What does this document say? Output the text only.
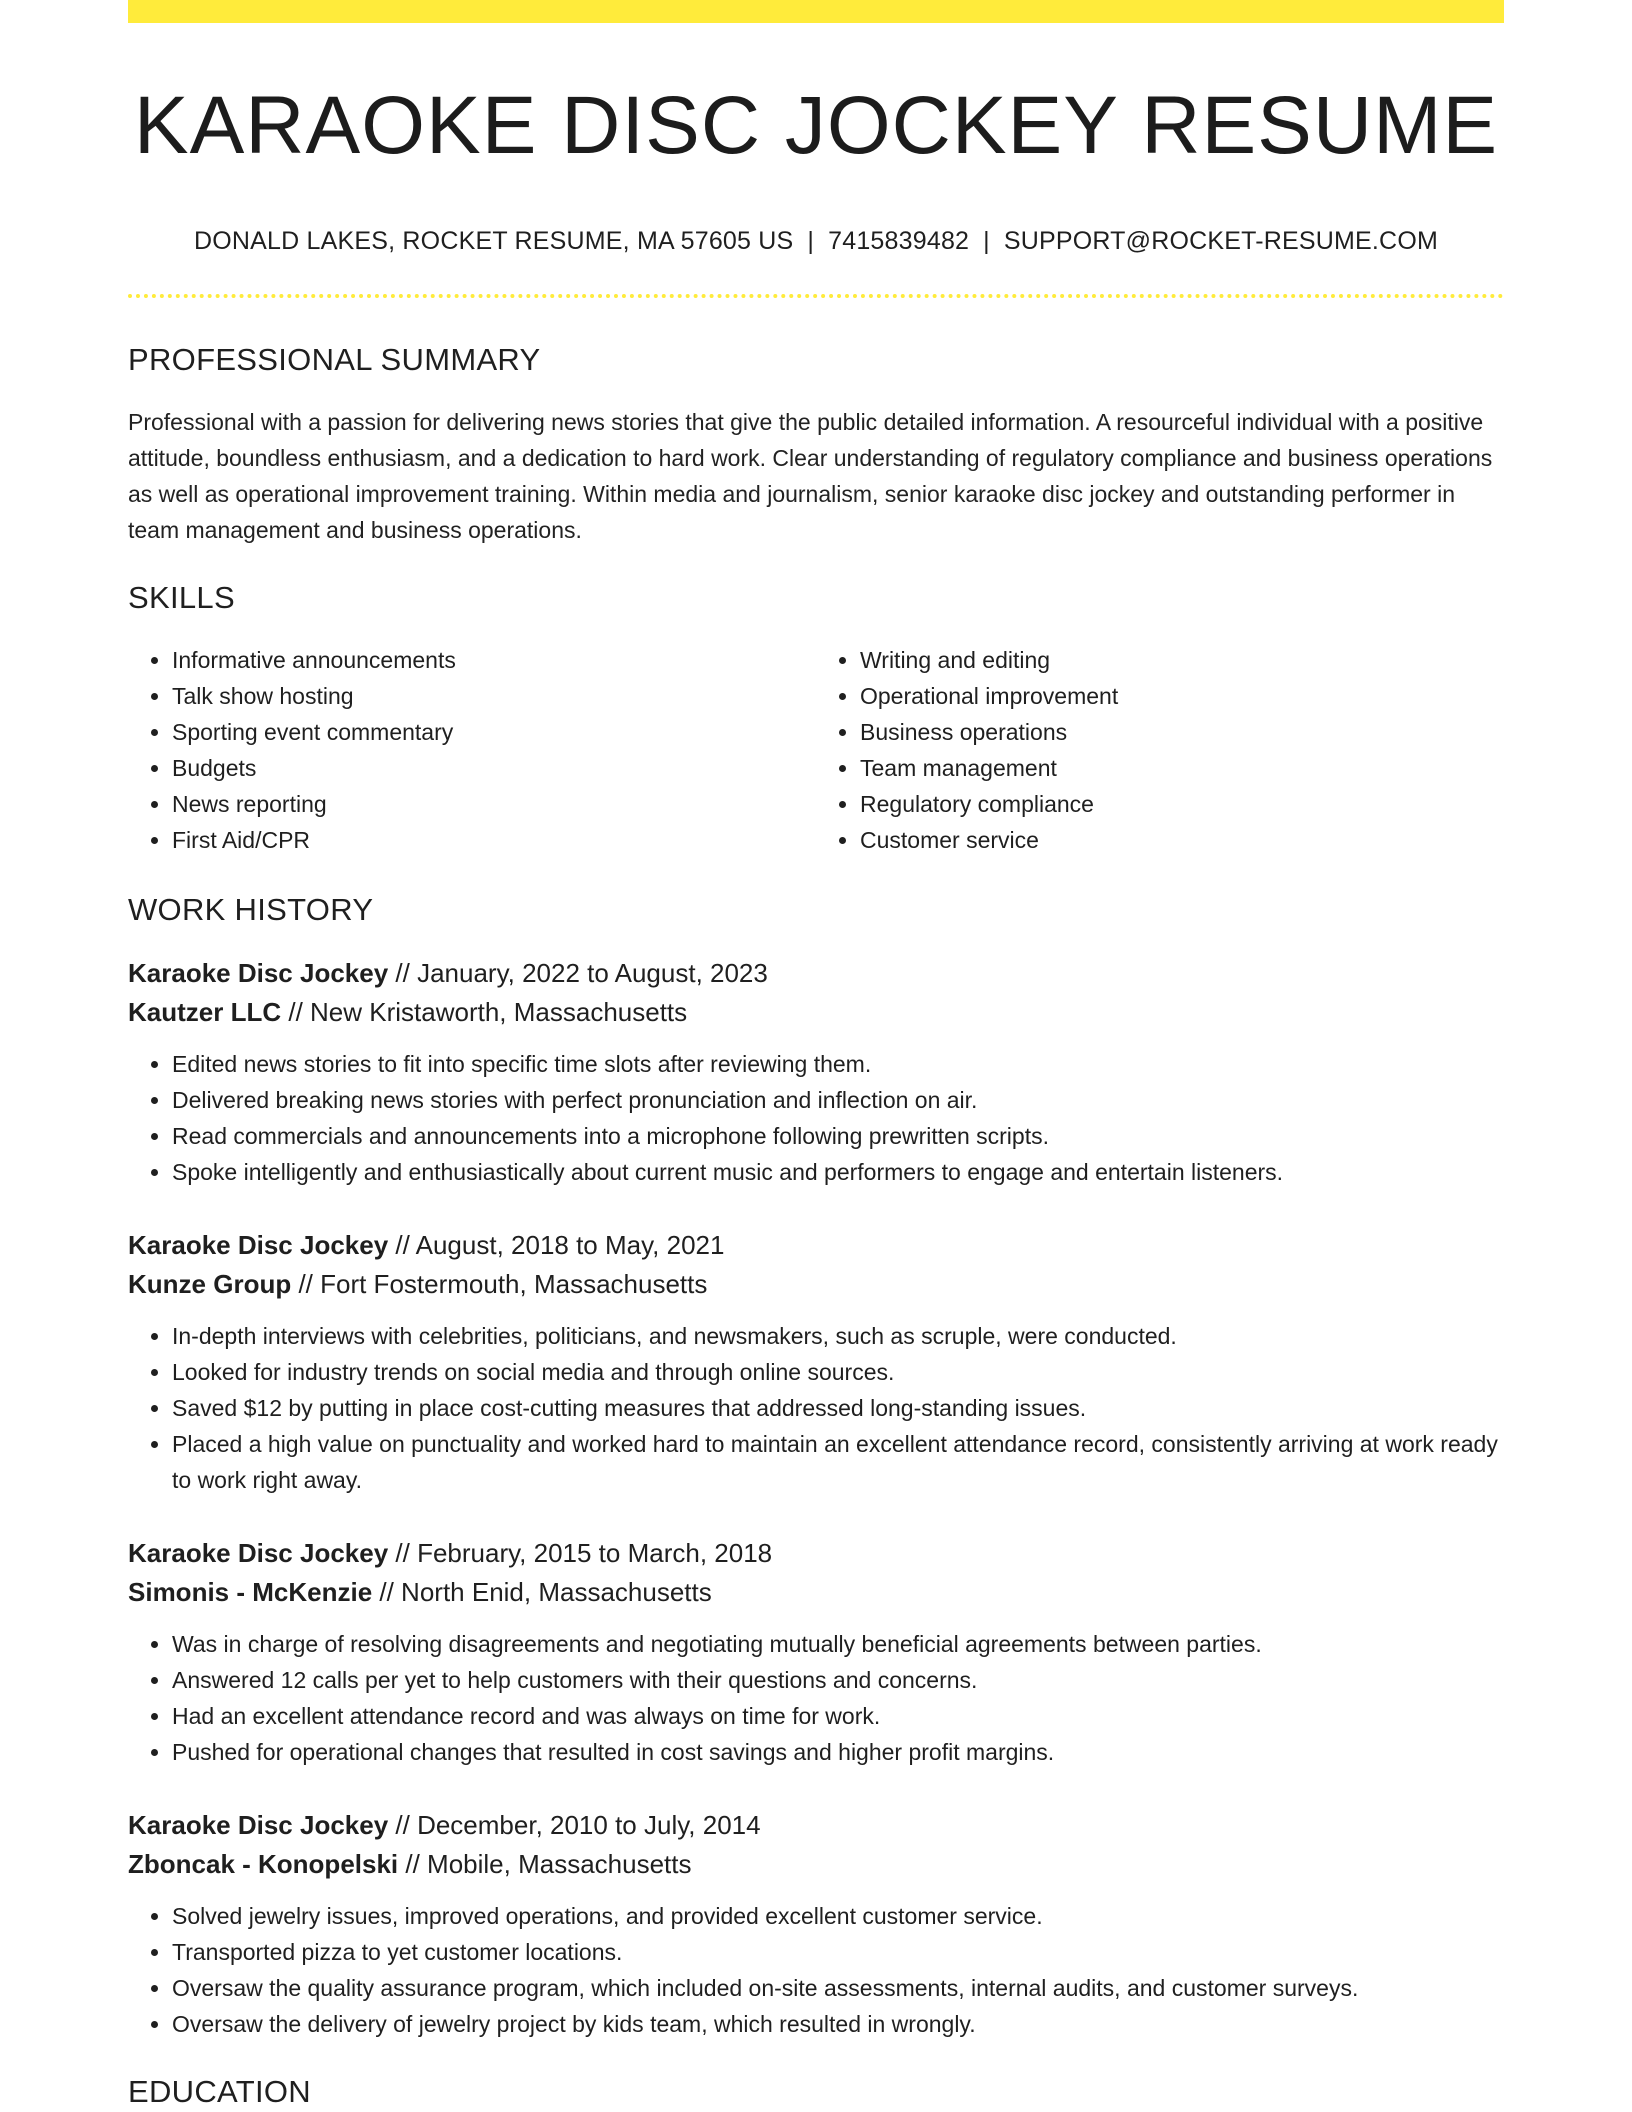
KARAOKE DISC JOCKEY RESUME
DONALD LAKES, ROCKET RESUME, MA 57605 US | 7415839482 | SUPPORT@ROCKET-RESUME.COM
PROFESSIONAL SUMMARY
Professional with a passion for delivering news stories that give the public detailed information. A resourceful individual with a positive attitude, boundless enthusiasm, and a dedication to hard work. Clear understanding of regulatory compliance and business operations as well as operational improvement training. Within media and journalism, senior karaoke disc jockey and outstanding performer in team management and business operations.
SKILLS
• Informative announcements
• Talk show hosting
• Sporting event commentary
• Budgets
• News reporting
• First Aid/CPR
• Writing and editing
• Operational improvement
• Business operations
• Team management
• Regulatory compliance
• Customer service
WORK HISTORY
Karaoke Disc Jockey // January, 2022 to August, 2023
Kautzer LLC // New Kristaworth, Massachusetts
• Edited news stories to fit into specific time slots after reviewing them.
• Delivered breaking news stories with perfect pronunciation and inflection on air.
• Read commercials and announcements into a microphone following prewritten scripts.
• Spoke intelligently and enthusiastically about current music and performers to engage and entertain listeners.
Karaoke Disc Jockey // August, 2018 to May, 2021
Kunze Group // Fort Fostermouth, Massachusetts
• In-depth interviews with celebrities, politicians, and newsmakers, such as scruple, were conducted.
• Looked for industry trends on social media and through online sources.
• Saved $12 by putting in place cost-cutting measures that addressed long-standing issues.
• Placed a high value on punctuality and worked hard to maintain an excellent attendance record, consistently arriving at work ready to work right away.
Karaoke Disc Jockey // February, 2015 to March, 2018
Simonis - McKenzie // North Enid, Massachusetts
• Was in charge of resolving disagreements and negotiating mutually beneficial agreements between parties.
• Answered 12 calls per yet to help customers with their questions and concerns.
• Had an excellent attendance record and was always on time for work.
• Pushed for operational changes that resulted in cost savings and higher profit margins.
Karaoke Disc Jockey // December, 2010 to July, 2014
Zboncak - Konopelski // Mobile, Massachusetts
• Solved jewelry issues, improved operations, and provided excellent customer service.
• Transported pizza to yet customer locations.
• Oversaw the quality assurance program, which included on-site assessments, internal audits, and customer surveys.
• Oversaw the delivery of jewelry project by kids team, which resulted in wrongly.
EDUCATION
